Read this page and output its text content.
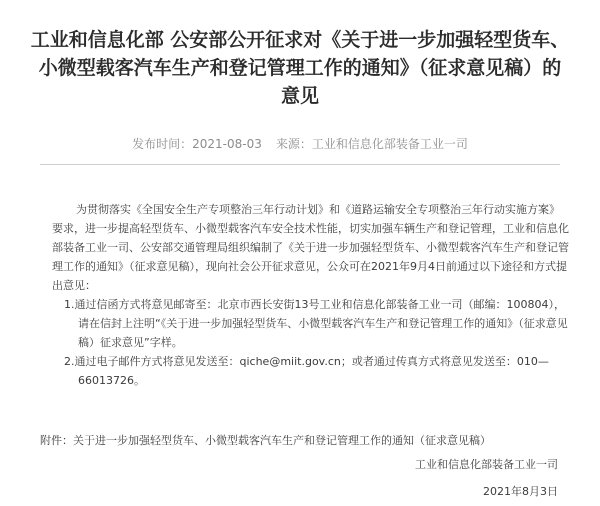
工业和信息化部 公安部公开征求对《关于进一步加强轻型货车、小微型载客汽车生产和登记管理工作的通知》（征求意见稿）的意见
发布时间：2021-08-03 来源：工业和信息化部装备工业一司

为贯彻落实《全国安全生产专项整治三年行动计划》和《道路运输安全专项整治三年行动实施方案》要求，进一步提高轻型货车、小微型载客汽车安全技术性能，切实加强车辆生产和登记管理，工业和信息化部装备工业一司、公安部交通管理局组织编制了《关于进一步加强轻型货车、小微型载客汽车生产和登记管理工作的通知》（征求意见稿），现向社会公开征求意见，公众可在2021年9月4日前通过以下途径和方式提出意见：

1.通过信函方式将意见邮寄至：北京市西长安街13号工业和信息化部装备工业一司（邮编：100804），请在信封上注明“《关于进一步加强轻型货车、小微型载客汽车生产和登记管理工作的通知》（征求意见稿）征求意见”字样。

2.通过电子邮件方式将意见发送至：qiche@miit.gov.cn；或者通过传真方式将意见发送至：010—66013726。

附件：关于进一步加强轻型货车、小微型载客汽车生产和登记管理工作的通知（征求意见稿）
工业和信息化部装备工业一司
2021年8月3日
